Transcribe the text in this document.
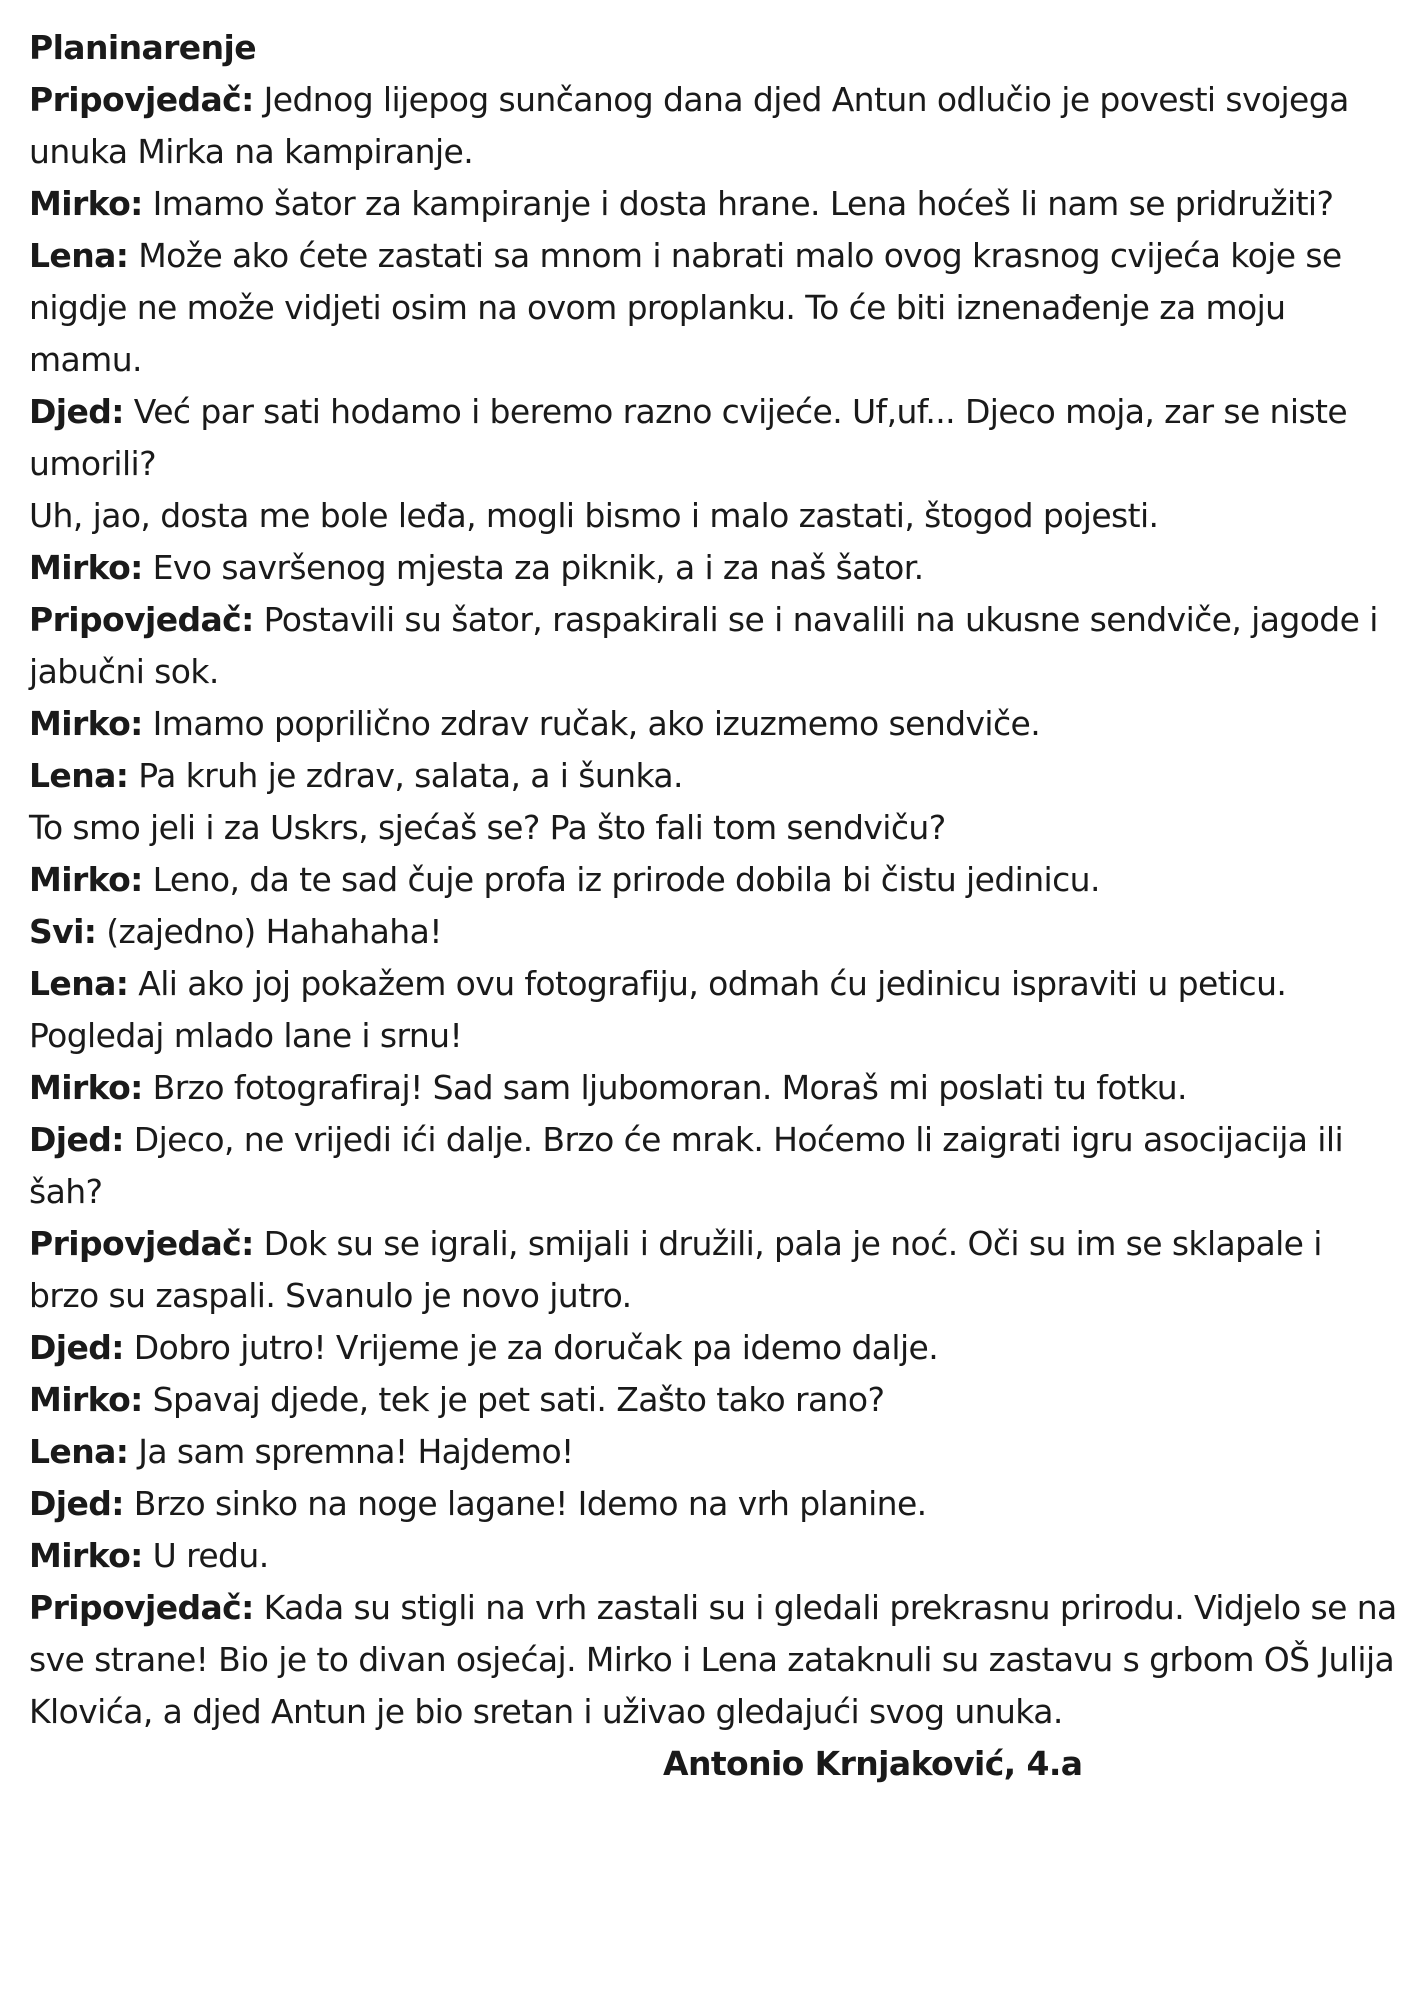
Planinarenje

Pripovjedač: Jednog lijepog sunčanog dana djed Antun odlučio je povesti svojega unuka Mirka na kampiranje.

Mirko: Imamo šator za kampiranje i dosta hrane. Lena hoćeš li nam se pridružiti?

Lena: Može ako ćete zastati sa mnom i nabrati malo ovog krasnog cvijeća koje se nigdje ne može vidjeti osim na ovom proplanku. To će biti iznenađenje za moju mamu.

Djed: Već par sati hodamo i beremo razno cvijeće. Uf,uf... Djeco moja, zar se niste umorili?

Uh, jao, dosta me bole leđa, mogli bismo i malo zastati, štogod pojesti.

Mirko: Evo savršenog mjesta za piknik, a i za naš šator.

Pripovjedač: Postavili su šator, raspakirali se i navalili na ukusne sendviče, jagode i jabučni sok.

Mirko: Imamo poprilično zdrav ručak, ako izuzmemo sendviče.

Lena: Pa kruh je zdrav, salata, a i šunka.

To smo jeli i za Uskrs, sjećaš se? Pa što fali tom sendviču?

Mirko: Leno, da te sad čuje profa iz prirode dobila bi čistu jedinicu.

Svi: (zajedno) Hahahaha!

Lena: Ali ako joj pokažem ovu fotografiju, odmah ću jedinicu ispraviti u peticu. Pogledaj mlado lane i srnu!

Mirko: Brzo fotografiraj! Sad sam ljubomoran. Moraš mi poslati tu fotku.

Djed: Djeco, ne vrijedi ići dalje. Brzo će mrak. Hoćemo li zaigrati igru asocijacija ili šah?

Pripovjedač: Dok su se igrali, smijali i družili, pala je noć. Oči su im se sklapale i brzo su zaspali. Svanulo je novo jutro.

Djed: Dobro jutro! Vrijeme je za doručak pa idemo dalje.

Mirko: Spavaj djede, tek je pet sati. Zašto tako rano?

Lena: Ja sam spremna! Hajdemo!

Djed: Brzo sinko na noge lagane! Idemo na vrh planine.

Mirko: U redu.

Pripovjedač: Kada su stigli na vrh zastali su i gledali prekrasnu prirodu. Vidjelo se na sve strane! Bio je to divan osjećaj. Mirko i Lena zataknuli su zastavu s grbom OŠ Julija Klovića, a djed Antun je bio sretan i uživao gledajući svog unuka.

Antonio Krnjaković, 4.a
